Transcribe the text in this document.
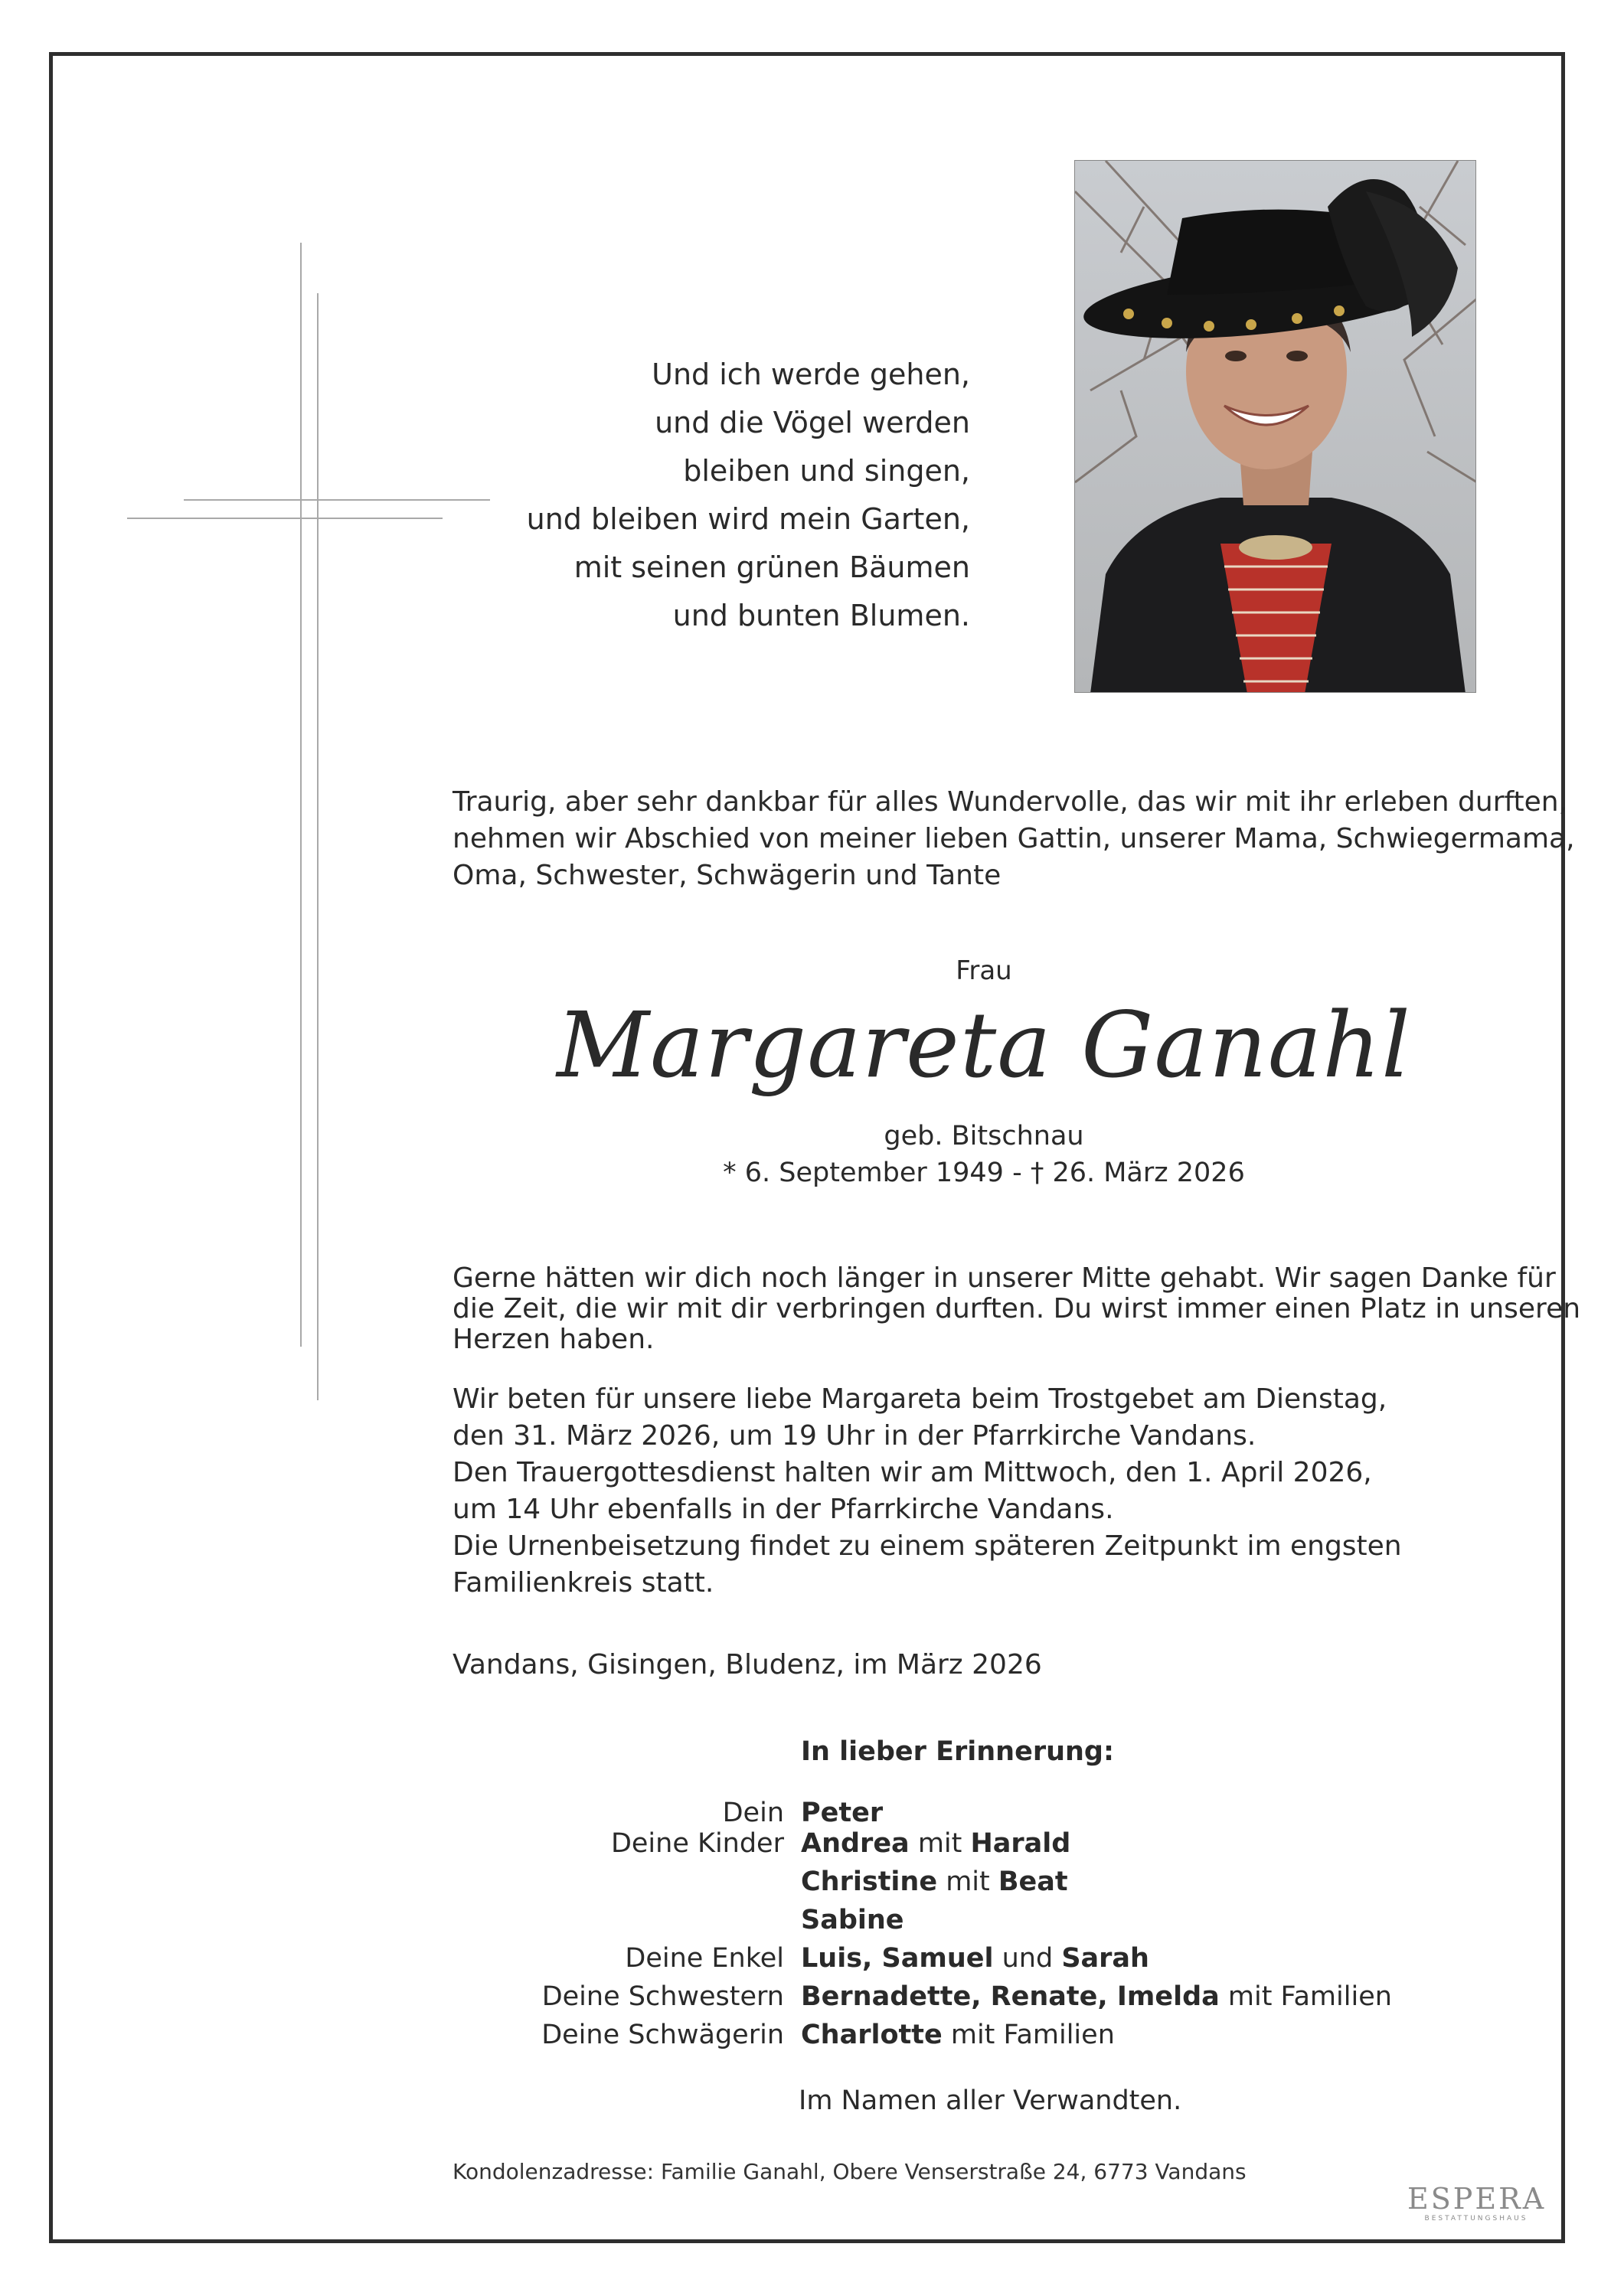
Und ich werde gehen,
und die Vögel werden
bleiben und singen,
und bleiben wird mein Garten,
mit seinen grünen Bäumen
und bunten Blumen.
Traurig, aber sehr dankbar für alles Wundervolle, das wir mit ihr erleben durften,
nehmen wir Abschied von meiner lieben Gattin, unserer Mama, Schwiegermama,
Oma, Schwester, Schwägerin und Tante
Frau
Margareta Ganahl
geb. Bitschnau
* 6. September 1949 - † 26. März 2026
Gerne hätten wir dich noch länger in unserer Mitte gehabt. Wir sagen Danke für
die Zeit, die wir mit dir verbringen durften. Du wirst immer einen Platz in unseren
Herzen haben.
Wir beten für unsere liebe Margareta beim Trostgebet am Dienstag,
den 31. März 2026, um 19 Uhr in der Pfarrkirche Vandans.
Den Trauergottesdienst halten wir am Mittwoch, den 1. April 2026,
um 14 Uhr ebenfalls in der Pfarrkirche Vandans.
Die Urnenbeisetzung findet zu einem späteren Zeitpunkt im engsten
Familienkreis statt.
Vandans, Gisingen, Bludenz, im März 2026
In lieber Erinnerung:
Dein Peter
Deine Kinder Andrea mit Harald
Christine mit Beat
Sabine
Deine Enkel Luis, Samuel und Sarah
Deine Schwestern Bernadette, Renate, Imelda mit Familien
Deine Schwägerin Charlotte mit Familien
Im Namen aller Verwandten.
Kondolenzadresse: Familie Ganahl, Obere Venserstraße 24, 6773 Vandans
ESPERA
BESTATTUNGSHAUS
